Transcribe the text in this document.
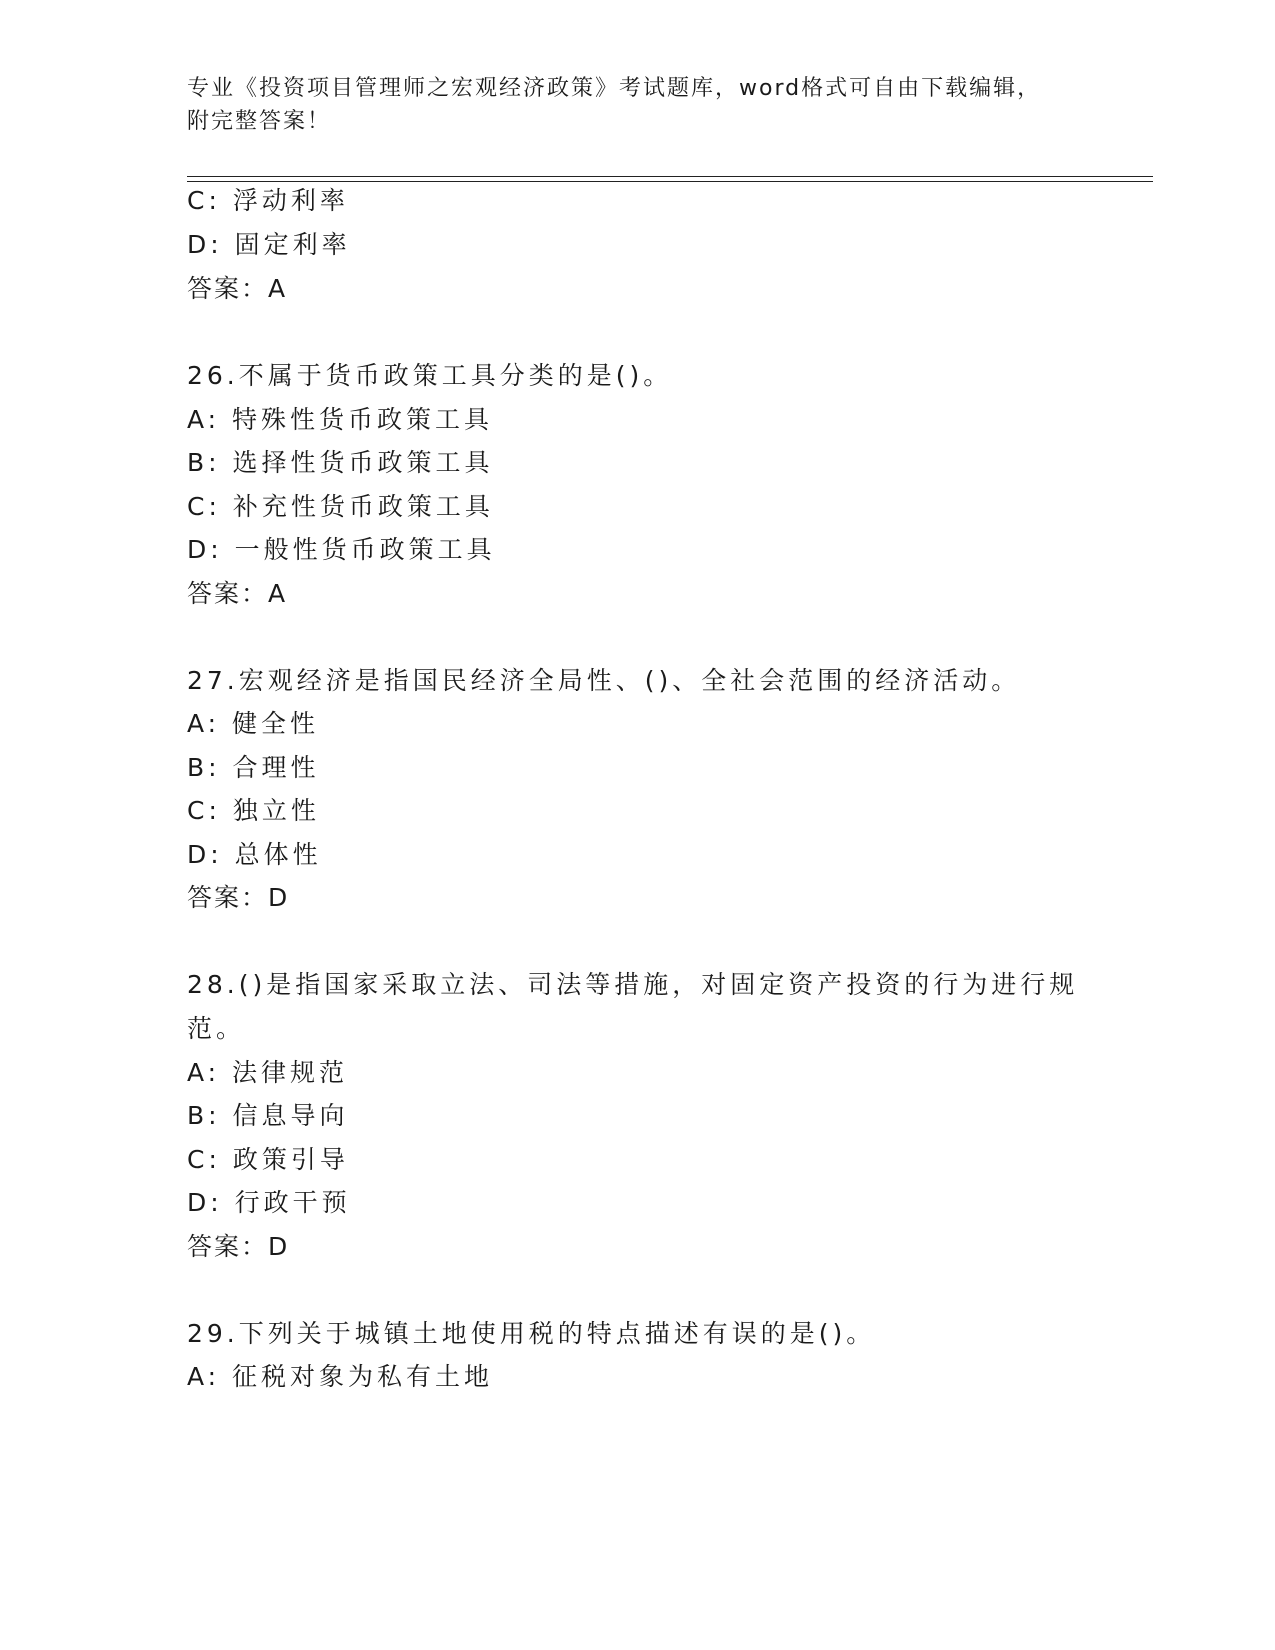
专业《投资项目管理师之宏观经济政策》考试题库，word格式可自由下载编辑，
附完整答案！
C: 浮动利率
D: 固定利率
答案：A
26.不属于货币政策工具分类的是()。
A: 特殊性货币政策工具
B: 选择性货币政策工具
C: 补充性货币政策工具
D: 一般性货币政策工具
答案：A
27.宏观经济是指国民经济全局性、()、全社会范围的经济活动。
A: 健全性
B: 合理性
C: 独立性
D: 总体性
答案：D
28.()是指国家采取立法、司法等措施，对固定资产投资的行为进行规
范。
A: 法律规范
B: 信息导向
C: 政策引导
D: 行政干预
答案：D
29.下列关于城镇土地使用税的特点描述有误的是()。
A: 征税对象为私有土地
